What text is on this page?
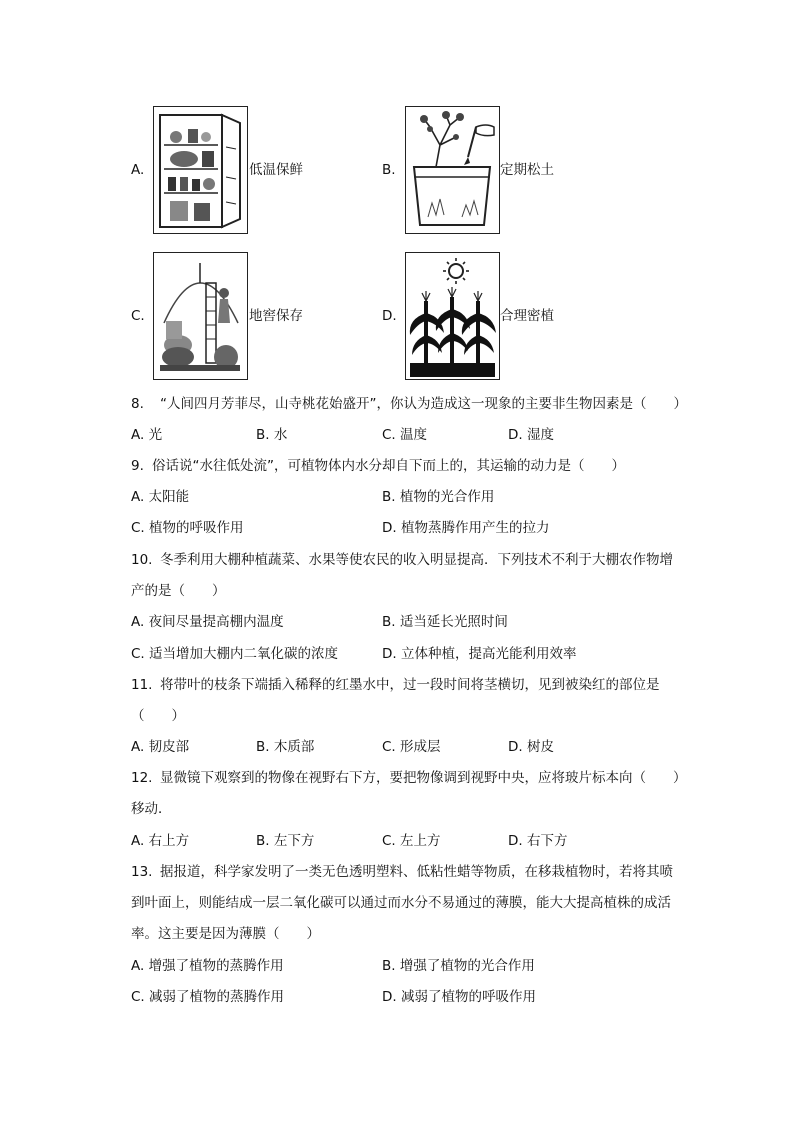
A.	低温保鲜	B.	定期松土
C.	地窖保存	D.	合理密植
8. “人间四月芳菲尽，山寺桃花始盛开”，你认为造成这一现象的主要非生物因素是（　　）
A. 光	B. 水	C. 温度	D. 湿度
9. 俗话说“水往低处流”，可植物体内水分却自下而上的，其运输的动力是（　　）
A. 太阳能	B. 植物的光合作用
C. 植物的呼吸作用	D. 植物蒸腾作用产生的拉力
10. 冬季利用大棚种植蔬菜、水果等使农民的收入明显提高．下列技术不利于大棚农作物增
产的是（　　）
A. 夜间尽量提高棚内温度	B. 适当延长光照时间
C. 适当增加大棚内二氧化碳的浓度	D. 立体种植，提高光能利用效率
11. 将带叶的枝条下端插入稀释的红墨水中，过一段时间将茎横切，见到被染红的部位是
（　　）
A. 韧皮部	B. 木质部	C. 形成层	D. 树皮
12. 显微镜下观察到的物像在视野右下方，要把物像调到视野中央，应将玻片标本向（　　）
移动．
A. 右上方	B. 左下方	C. 左上方	D. 右下方
13. 据报道，科学家发明了一类无色透明塑料、低粘性蜡等物质，在移栽植物时，若将其喷
到叶面上，则能结成一层二氧化碳可以通过而水分不易通过的薄膜，能大大提高植株的成活
率。这主要是因为薄膜（　　）
A. 增强了植物的蒸腾作用	B. 增强了植物的光合作用
C. 减弱了植物的蒸腾作用	D. 减弱了植物的呼吸作用
